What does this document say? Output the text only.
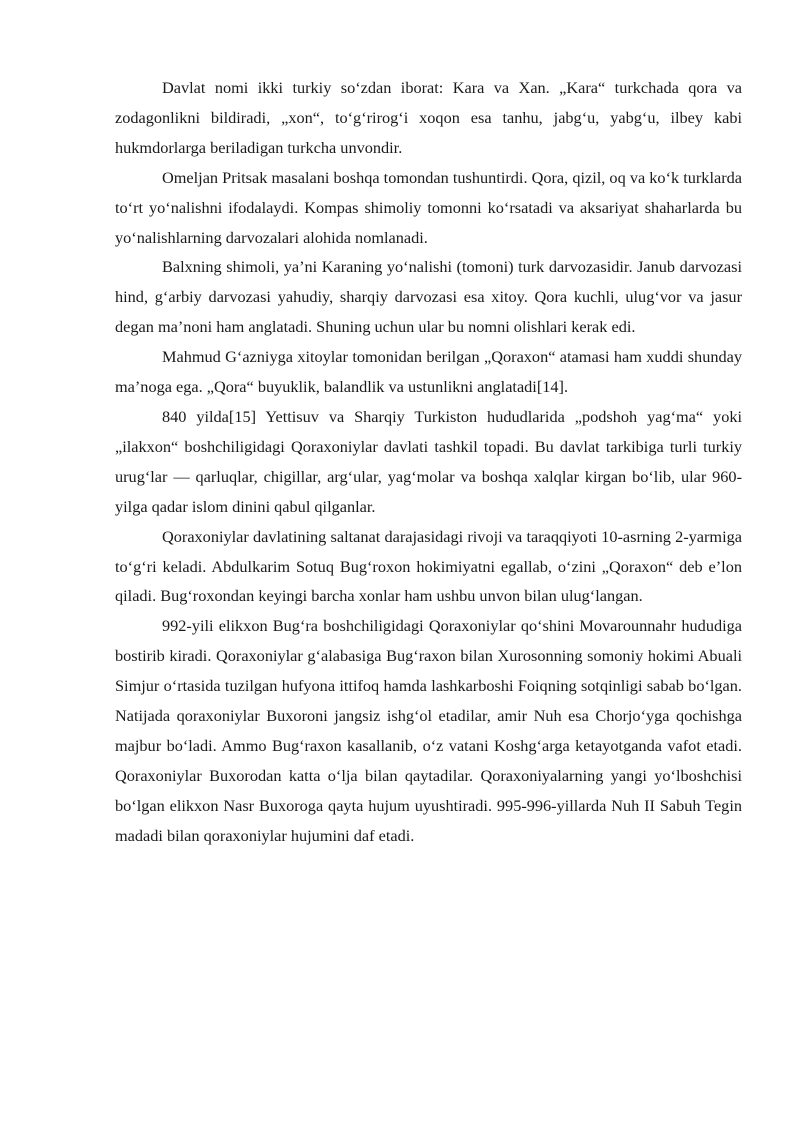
Davlat nomi ikki turkiy so‘zdan iborat: Kara va Xan. „Kara“ turkchada qora va zodagonlikni bildiradi, „xon“, to‘g‘rirog‘i xoqon esa tanhu, jabg‘u, yabg‘u, ilbey kabi hukmdorlarga beriladigan turkcha unvondir.

Omeljan Pritsak masalani boshqa tomondan tushuntirdi. Qora, qizil, oq va ko‘k turklarda to‘rt yo‘nalishni ifodalaydi. Kompas shimoliy tomonni ko‘rsatadi va aksariyat shaharlarda bu yo‘nalishlarning darvozalari alohida nomlanadi.

Balxning shimoli, ya’ni Karaning yo‘nalishi (tomoni) turk darvozasidir. Janub darvozasi hind, g‘arbiy darvozasi yahudiy, sharqiy darvozasi esa xitoy. Qora kuchli, ulug‘vor va jasur degan ma’noni ham anglatadi. Shuning uchun ular bu nomni olishlari kerak edi.

Mahmud G‘azniyga xitoylar tomonidan berilgan „Qoraxon“ atamasi ham xuddi shunday ma’noga ega. „Qora“ buyuklik, balandlik va ustunlikni anglatadi[14].

840 yilda[15] Yettisuv va Sharqiy Turkiston hududlarida „podshoh yag‘ma“ yoki „ilakxon“ boshchiligidagi Qoraxoniylar davlati tashkil topadi. Bu davlat tarkibiga turli turkiy urug‘lar — qarluqlar, chigillar, arg‘ular, yag‘molar va boshqa xalqlar kirgan bo‘lib, ular 960-yilga qadar islom dinini qabul qilganlar.

Qoraxoniylar davlatining saltanat darajasidagi rivoji va taraqqiyoti 10-asrning 2-yarmiga to‘g‘ri keladi. Abdulkarim Sotuq Bug‘roxon hokimiyatni egallab, o‘zini „Qoraxon“ deb e’lon qiladi. Bug‘roxondan keyingi barcha xonlar ham ushbu unvon bilan ulug‘langan.

992-yili elikxon Bug‘ra boshchiligidagi Qoraxoniylar qo‘shini Movarounnahr hududiga bostirib kiradi. Qoraxoniylar g‘alabasiga Bug‘raxon bilan Xurosonning somoniy hokimi Abuali Simjur o‘rtasida tuzilgan hufyona ittifoq hamda lashkarboshi Foiqning sotqinligi sabab bo‘lgan. Natijada qoraxoniylar Buxoroni jangsiz ishg‘ol etadilar, amir Nuh esa Chorjo‘yga qochishga majbur bo‘ladi. Ammo Bug‘raxon kasallanib, o‘z vatani Koshg‘arga ketayotganda vafot etadi. Qoraxoniylar Buxorodan katta o‘lja bilan qaytadilar. Qoraxoniyalarning yangi yo‘lboshchisi bo‘lgan elikxon Nasr Buxoroga qayta hujum uyushtiradi. 995-996-yillarda Nuh II Sabuh Tegin madadi bilan qoraxoniylar hujumini daf etadi.
